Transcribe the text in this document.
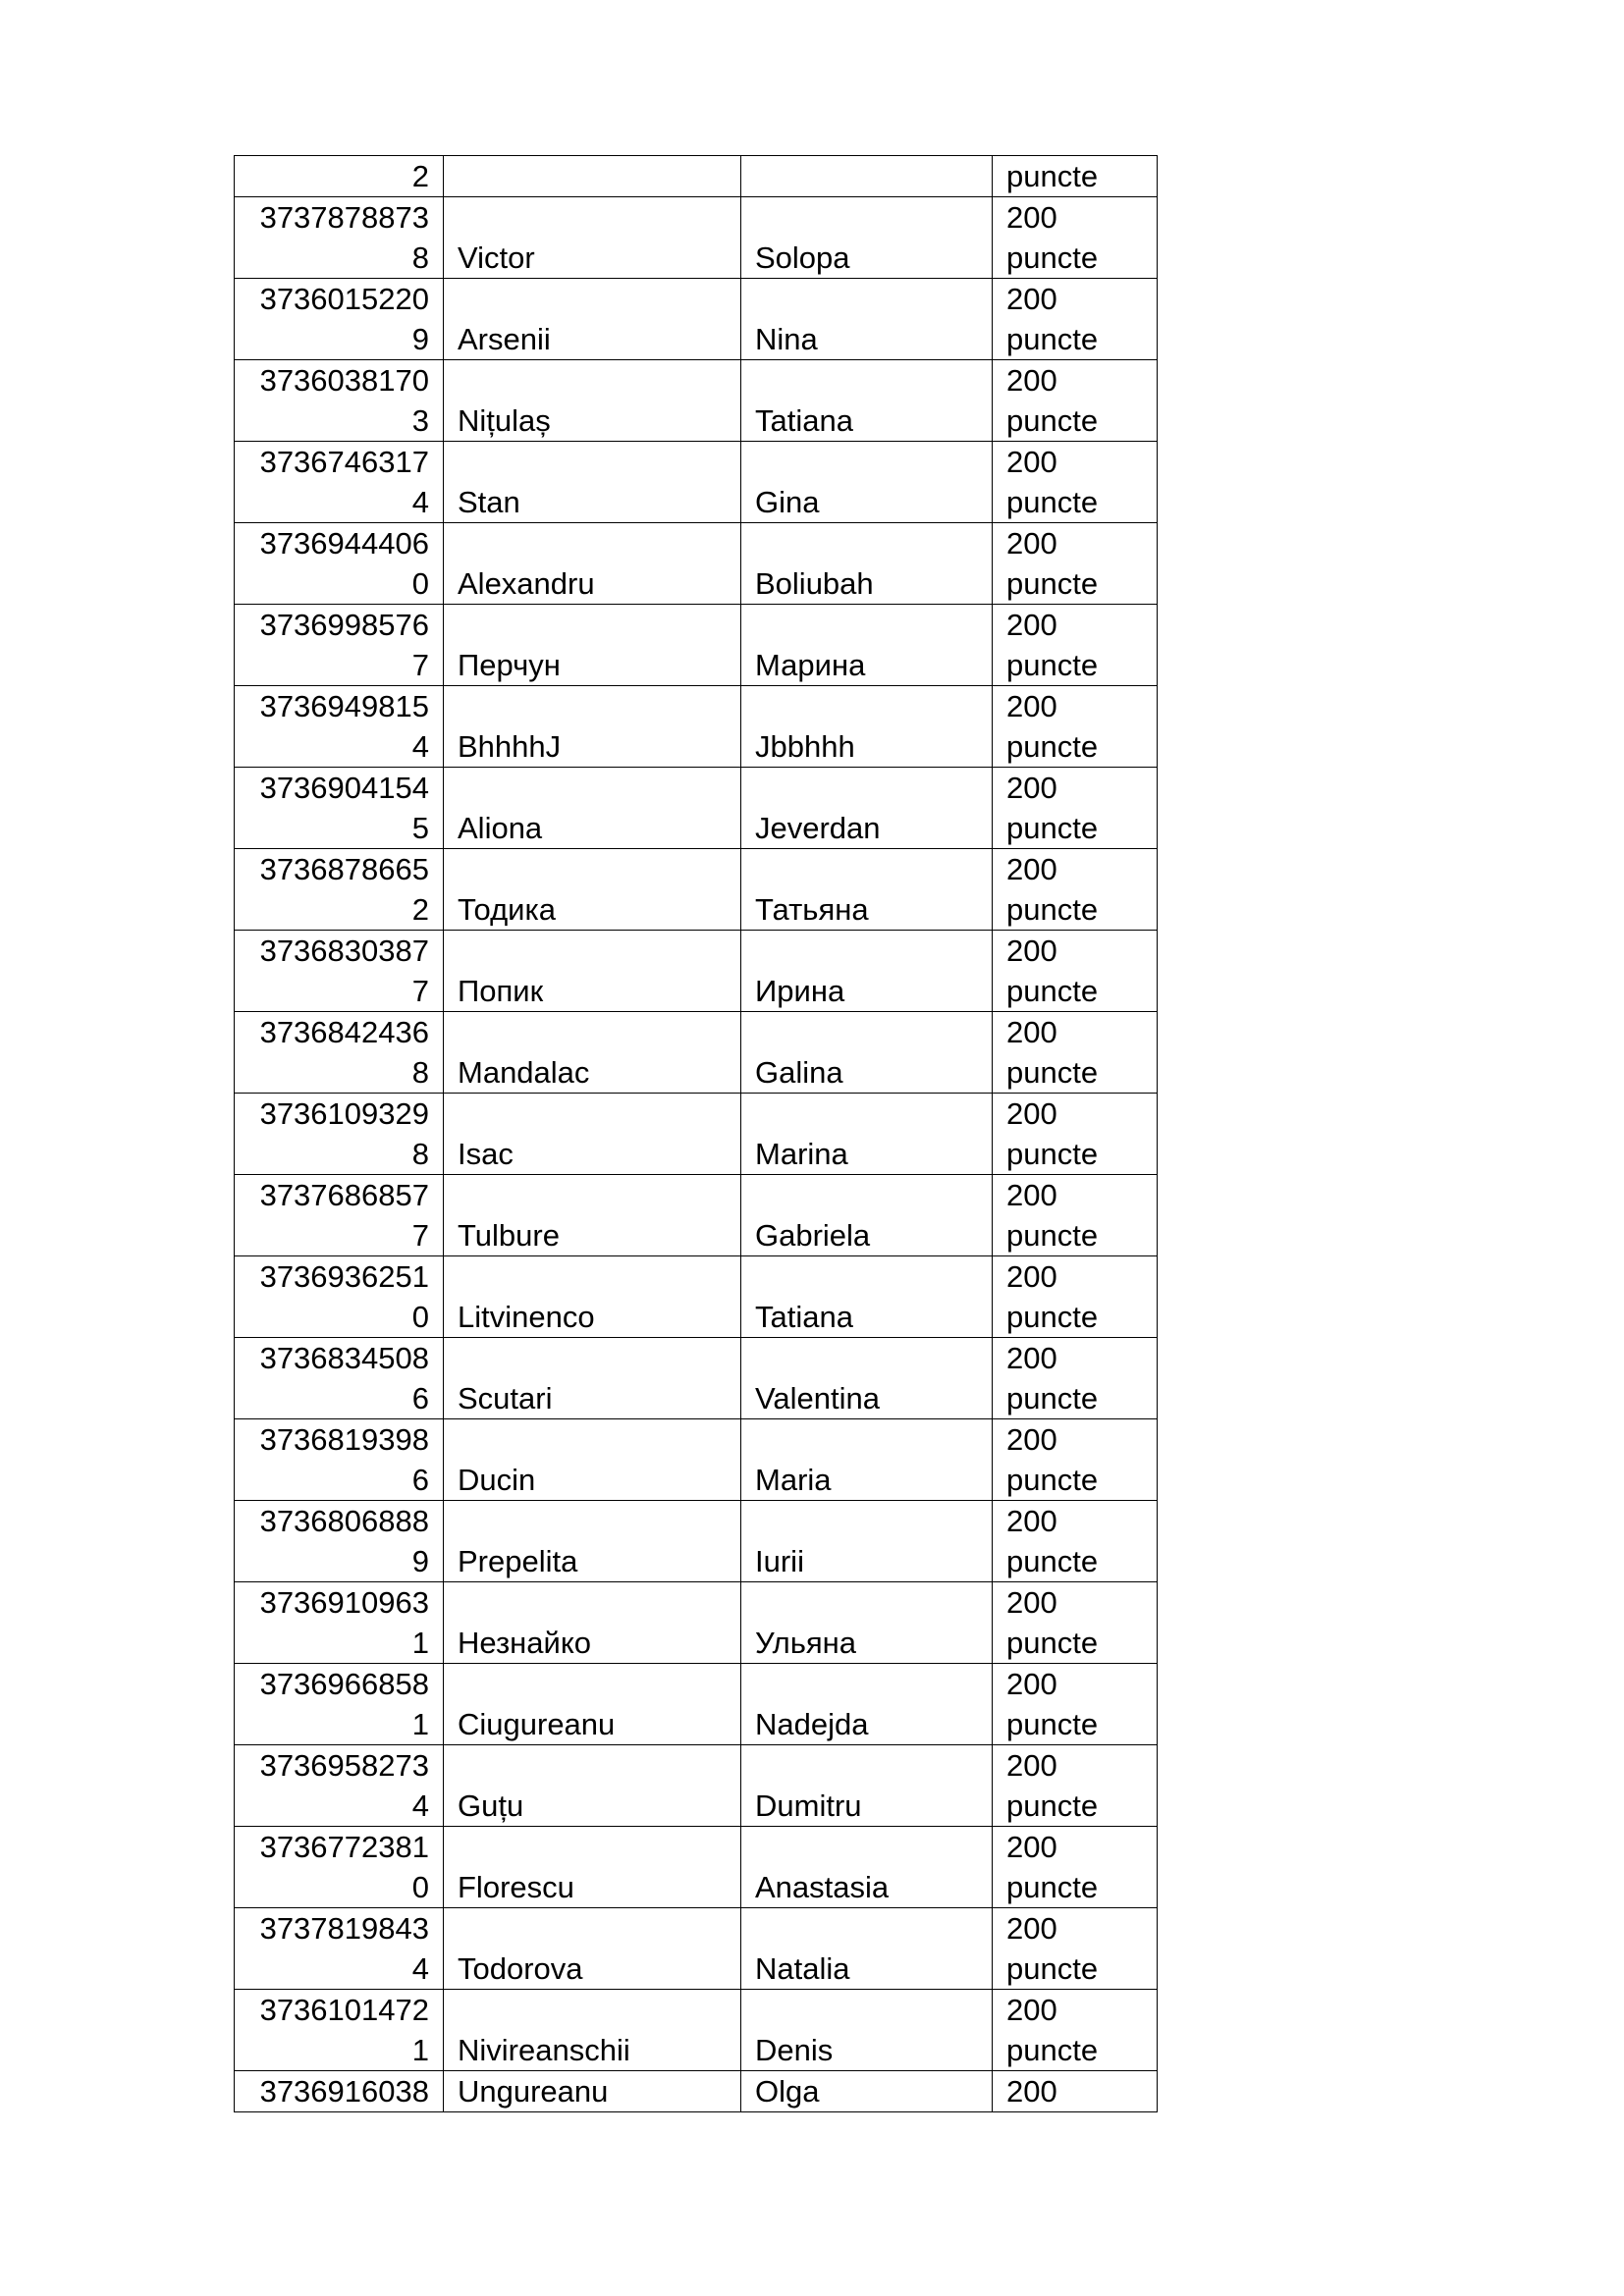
2			puncte
37378788738	Victor	Solopa	200 puncte
37360152209	Arsenii	Nina	200 puncte
37360381703	Nițulaș	Tatiana	200 puncte
37367463174	Stan	Gina	200 puncte
37369444060	Alexandru	Boliubah	200 puncte
37369985767	Перчун	Марина	200 puncte
37369498154	BhhhhJ	Jbbhhh	200 puncte
37369041545	Aliona	Jeverdan	200 puncte
37368786652	Тодика	Татьяна	200 puncte
37368303877	Попик	Ирина	200 puncte
37368424368	Mandalac	Galina	200 puncte
37361093298	Isac	Marina	200 puncte
37376868577	Tulbure	Gabriela	200 puncte
37369362510	Litvinenco	Tatiana	200 puncte
37368345086	Scutari	Valentina	200 puncte
37368193986	Ducin	Maria	200 puncte
37368068889	Prepelita	Iurii	200 puncte
37369109631	Незнайко	Ульяна	200 puncte
37369668581	Ciugureanu	Nadejda	200 puncte
37369582734	Guțu	Dumitru	200 puncte
37367723810	Florescu	Anastasia	200 puncte
37378198434	Todorova	Natalia	200 puncte
37361014721	Nivireanschii	Denis	200 puncte
3736916038	Ungureanu	Olga	200
